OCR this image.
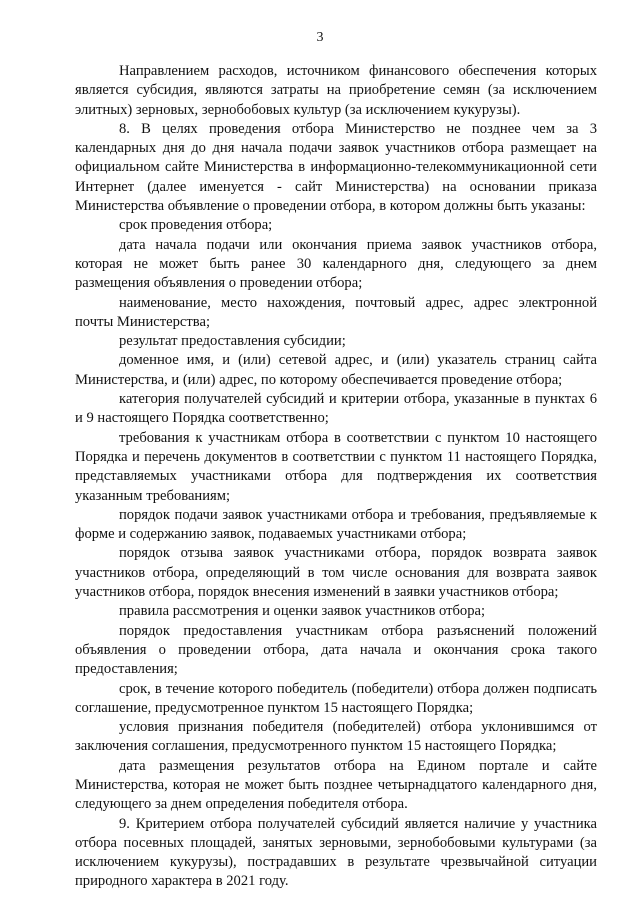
3

Направлением расходов, источником финансового обеспечения которых является субсидия, являются затраты на приобретение семян (за исключением элитных) зерновых, зернобобовых культур (за исключением кукурузы).

8. В целях проведения отбора Министерство не позднее чем за 3 календарных дня до дня начала подачи заявок участников отбора размещает на официальном сайте Министерства в информационно-телекоммуникационной сети Интернет (далее именуется - сайт Министерства) на основании приказа Министерства объявление о проведении отбора, в котором должны быть указаны:

срок проведения отбора;

дата начала подачи или окончания приема заявок участников отбора, которая не может быть ранее 30 календарного дня, следующего за днем размещения объявления о проведении отбора;

наименование, место нахождения, почтовый адрес, адрес электронной почты Министерства;

результат предоставления субсидии;

доменное имя, и (или) сетевой адрес, и (или) указатель страниц сайта Министерства, и (или) адрес, по которому обеспечивается проведение отбора;

категория получателей субсидий и критерии отбора, указанные в пунктах 6 и 9 настоящего Порядка соответственно;

требования к участникам отбора в соответствии с пунктом 10 настоящего Порядка и перечень документов в соответствии с пунктом 11 настоящего Порядка, представляемых участниками отбора для подтверждения их соответствия указанным требованиям;

порядок подачи заявок участниками отбора и требования, предъявляемые к форме и содержанию заявок, подаваемых участниками отбора;

порядок отзыва заявок участниками отбора, порядок возврата заявок участников отбора, определяющий в том числе основания для возврата заявок участников отбора, порядок внесения изменений в заявки участников отбора;

правила рассмотрения и оценки заявок участников отбора;

порядок предоставления участникам отбора разъяснений положений объявления о проведении отбора, дата начала и окончания срока такого предоставления;

срок, в течение которого победитель (победители) отбора должен подписать соглашение, предусмотренное пунктом 15 настоящего Порядка;

условия признания победителя (победителей) отбора уклонившимся от заключения соглашения, предусмотренного пунктом 15 настоящего Порядка;

дата размещения результатов отбора на Едином портале и сайте Министерства, которая не может быть позднее четырнадцатого календарного дня, следующего за днем определения победителя отбора.

9. Критерием отбора получателей субсидий является наличие у участника отбора посевных площадей, занятых зерновыми, зернобобовыми культурами (за исключением кукурузы), пострадавших в результате чрезвычайной ситуации природного характера в 2021 году.
